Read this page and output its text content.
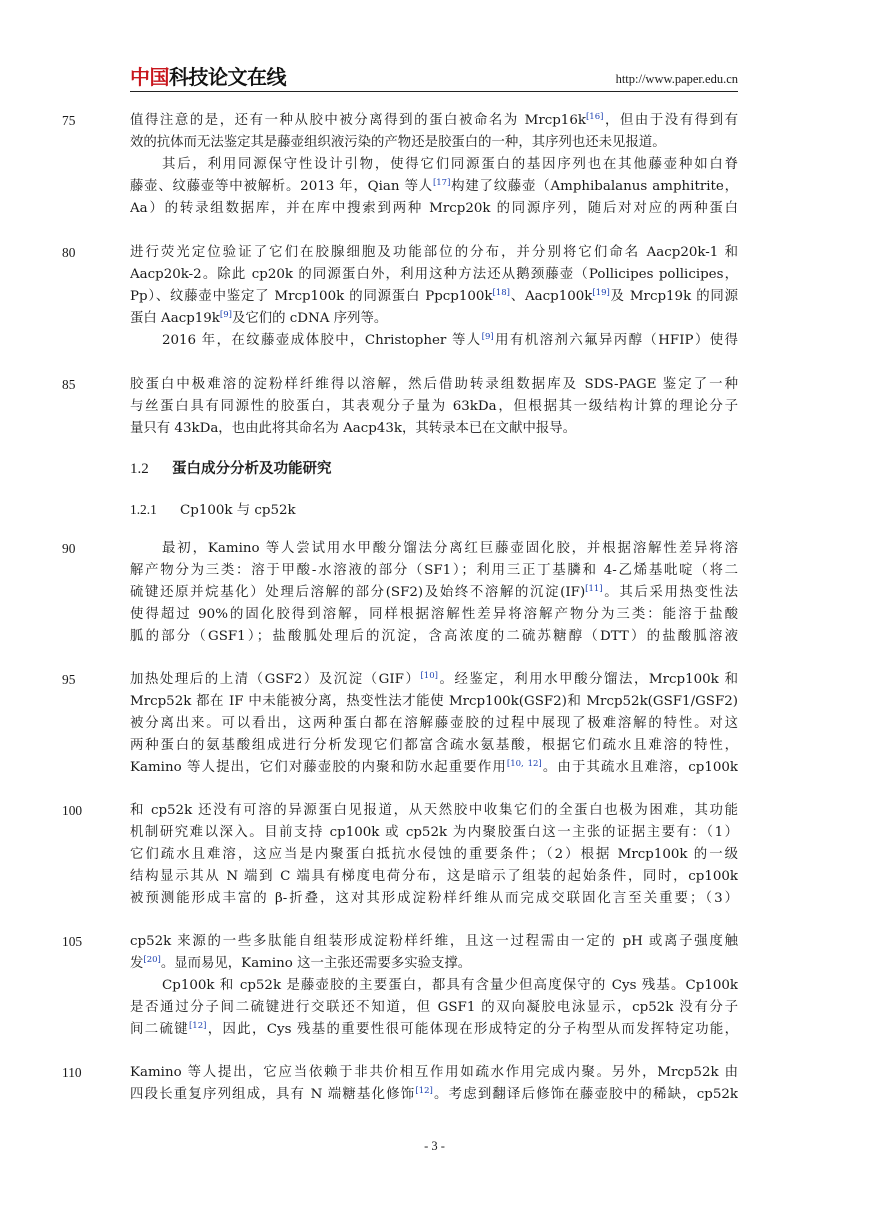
中国科技论文在线	http://www.paper.edu.cn
75
80
85
90
95
100
105
110
值得注意的是，还有一种从胶中被分离得到的蛋白被命名为 Mrcp16k[16]，但由于没有得到有
效的抗体而无法鉴定其是藤壶组织液污染的产物还是胶蛋白的一种，其序列也还未见报道。
其后，利用同源保守性设计引物，使得它们同源蛋白的基因序列也在其他藤壶种如白脊
藤壶、纹藤壶等中被解析。2013 年，Qian 等人[17]构建了纹藤壶（Amphibalanus amphitrite，
Aa）的转录组数据库，并在库中搜索到两种 Mrcp20k 的同源序列，随后对对应的两种蛋白
进行荧光定位验证了它们在胶腺细胞及功能部位的分布，并分别将它们命名 Aacp20k-1 和
Aacp20k-2。除此 cp20k 的同源蛋白外，利用这种方法还从鹅颈藤壶（Pollicipes pollicipes，
Pp）、纹藤壶中鉴定了 Mrcp100k 的同源蛋白 Ppcp100k[18]、Aacp100k[19]及 Mrcp19k 的同源
蛋白 Aacp19k[9]及它们的 cDNA 序列等。
2016 年，在纹藤壶成体胶中，Christopher 等人[9]用有机溶剂六氟异丙醇（HFIP）使得
胶蛋白中极难溶的淀粉样纤维得以溶解，然后借助转录组数据库及 SDS-PAGE 鉴定了一种
与丝蛋白具有同源性的胶蛋白，其表观分子量为 63kDa，但根据其一级结构计算的理论分子
量只有 43kDa，也由此将其命名为 Aacp43k，其转录本已在文献中报导。
1.2 蛋白成分分析及功能研究
1.2.1 Cp100k 与 cp52k
最初，Kamino 等人尝试用水甲酸分馏法分离红巨藤壶固化胶，并根据溶解性差异将溶
解产物分为三类：溶于甲酸-水溶液的部分（SF1）；利用三正丁基膦和 4-乙烯基吡啶（将二
硫键还原并烷基化）处理后溶解的部分(SF2)及始终不溶解的沉淀(IF)[11]。其后采用热变性法
使得超过 90%的固化胶得到溶解，同样根据溶解性差异将溶解产物分为三类：能溶于盐酸
胍的部分（GSF1）；盐酸胍处理后的沉淀，含高浓度的二硫苏糖醇（DTT）的盐酸胍溶液
加热处理后的上清（GSF2）及沉淀（GIF）[10]。经鉴定，利用水甲酸分馏法，Mrcp100k 和
Mrcp52k 都在 IF 中未能被分离，热变性法才能使 Mrcp100k(GSF2)和 Mrcp52k(GSF1/GSF2)
被分离出来。可以看出，这两种蛋白都在溶解藤壶胶的过程中展现了极难溶解的特性。对这
两种蛋白的氨基酸组成进行分析发现它们都富含疏水氨基酸，根据它们疏水且难溶的特性，
Kamino 等人提出，它们对藤壶胶的内聚和防水起重要作用[10, 12]。由于其疏水且难溶，cp100k
和 cp52k 还没有可溶的异源蛋白见报道，从天然胶中收集它们的全蛋白也极为困难，其功能
机制研究难以深入。目前支持 cp100k 或 cp52k 为内聚胶蛋白这一主张的证据主要有：（1）
它们疏水且难溶，这应当是内聚蛋白抵抗水侵蚀的重要条件；（2）根据 Mrcp100k 的一级
结构显示其从 N 端到 C 端具有梯度电荷分布，这是暗示了组装的起始条件，同时，cp100k
被预测能形成丰富的 β-折叠，这对其形成淀粉样纤维从而完成交联固化言至关重要；（3）
cp52k 来源的一些多肽能自组装形成淀粉样纤维，且这一过程需由一定的 pH 或离子强度触
发[20]。显而易见，Kamino 这一主张还需要多实验支撑。
Cp100k 和 cp52k 是藤壶胶的主要蛋白，都具有含量少但高度保守的 Cys 残基。Cp100k
是否通过分子间二硫键进行交联还不知道，但 GSF1 的双向凝胶电泳显示，cp52k 没有分子
间二硫键[12]，因此，Cys 残基的重要性很可能体现在形成特定的分子构型从而发挥特定功能，
Kamino 等人提出，它应当依赖于非共价相互作用如疏水作用完成内聚。另外，Mrcp52k 由
四段长重复序列组成，具有 N 端糖基化修饰[12]。考虑到翻译后修饰在藤壶胶中的稀缺，cp52k
- 3 -
